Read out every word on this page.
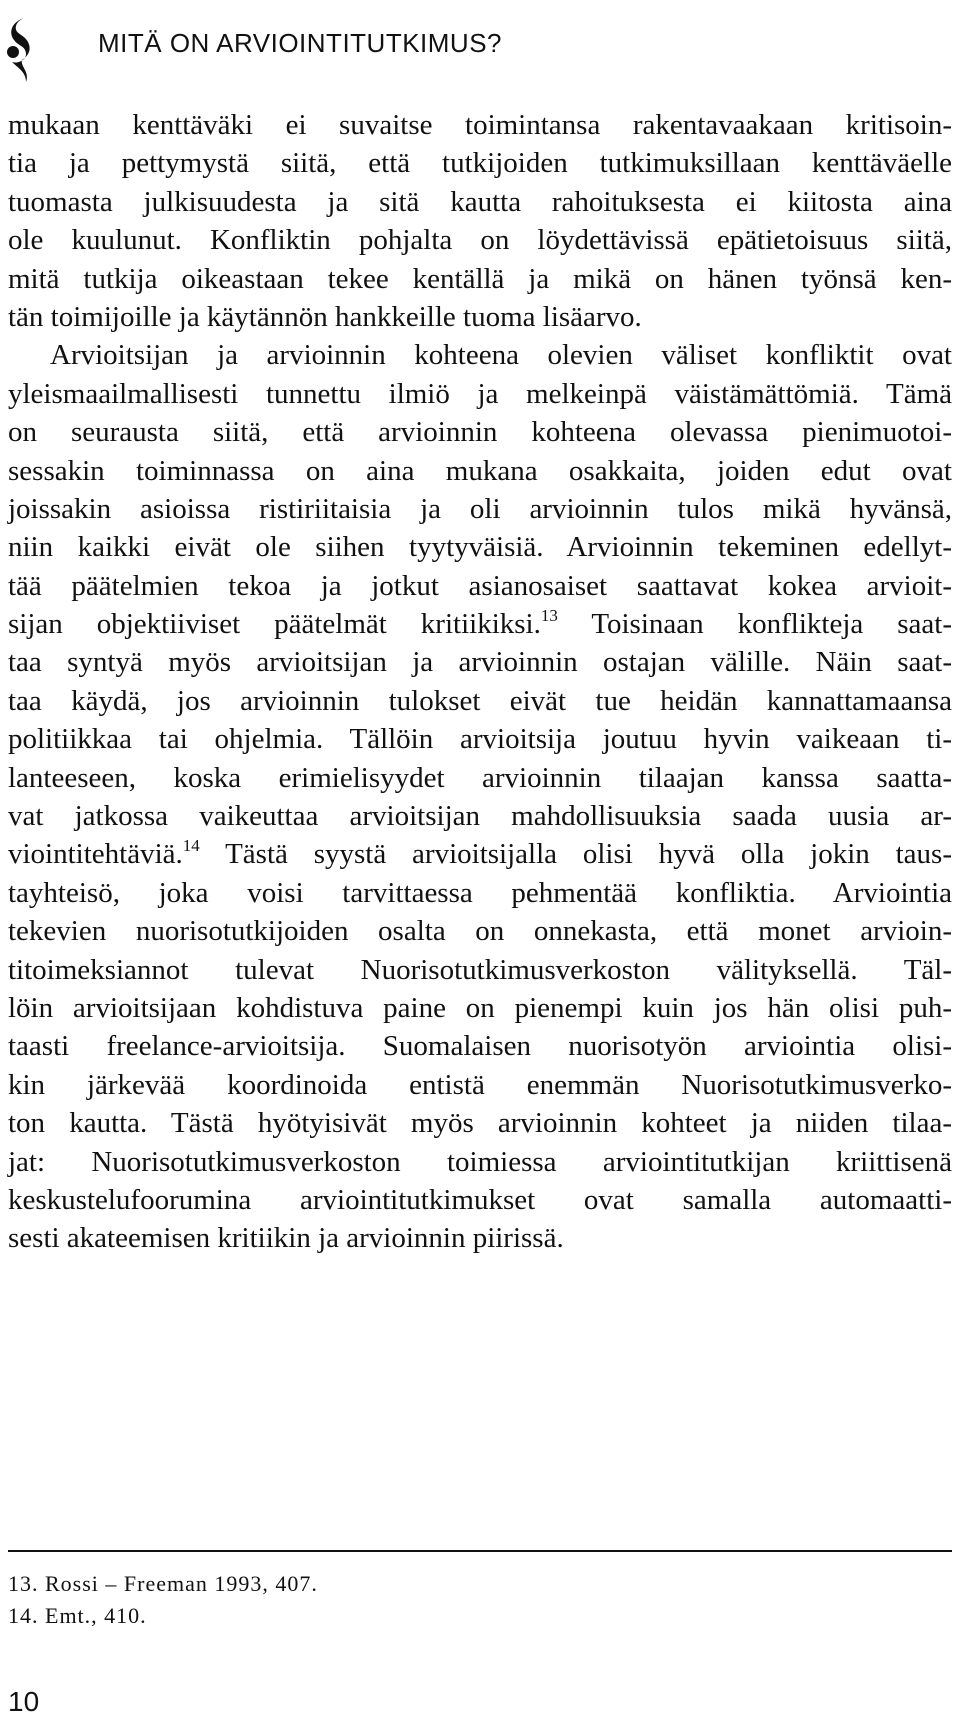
MITÄ ON ARVIOINTITUTKIMUS?
mukaan kenttäväki ei suvaitse toimintansa rakentavaakaan kritisoin-
tia ja pettymystä siitä, että tutkijoiden tutkimuksillaan kenttäväelle
tuomasta julkisuudesta ja sitä kautta rahoituksesta ei kiitosta aina
ole kuulunut. Konfliktin pohjalta on löydettävissä epätietoisuus siitä,
mitä tutkija oikeastaan tekee kentällä ja mikä on hänen työnsä ken-
tän toimijoille ja käytännön hankkeille tuoma lisäarvo.
Arvioitsijan ja arvioinnin kohteena olevien väliset konfliktit ovat
yleismaailmallisesti tunnettu ilmiö ja melkeinpä väistämättömiä. Tämä
on seurausta siitä, että arvioinnin kohteena olevassa pienimuotoi-
sessakin toiminnassa on aina mukana osakkaita, joiden edut ovat
joissakin asioissa ristiriitaisia ja oli arvioinnin tulos mikä hyvänsä,
niin kaikki eivät ole siihen tyytyväisiä. Arvioinnin tekeminen edellyt-
tää päätelmien tekoa ja jotkut asianosaiset saattavat kokea arvioit-
sijan objektiiviset päätelmät kritiikiksi.$^{13}$ Toisinaan konflikteja saat-
taa syntyä myös arvioitsijan ja arvioinnin ostajan välille. Näin saat-
taa käydä, jos arvioinnin tulokset eivät tue heidän kannattamaansa
politiikkaa tai ohjelmia. Tällöin arvioitsija joutuu hyvin vaikeaan ti-
lanteeseen, koska erimielisyydet arvioinnin tilaajan kanssa saatta-
vat jatkossa vaikeuttaa arvioitsijan mahdollisuuksia saada uusia ar-
viointitehtäviä.$^{14}$ Tästä syystä arvioitsijalla olisi hyvä olla jokin taus-
tayhteisö, joka voisi tarvittaessa pehmentää konfliktia. Arviointia
tekevien nuorisotutkijoiden osalta on onnekasta, että monet arvioin-
titoimeksiannot tulevat Nuorisotutkimusverkoston välityksellä. Täl-
löin arvioitsijaan kohdistuva paine on pienempi kuin jos hän olisi puh-
taasti freelance-arvioitsija. Suomalaisen nuorisotyön arviointia olisi-
kin järkevää koordinoida entistä enemmän Nuorisotutkimusverko-
ton kautta. Tästä hyötyisivät myös arvioinnin kohteet ja niiden tilaa-
jat: Nuorisotutkimusverkoston toimiessa arviointitutkijan kriittisenä
keskustelufoorumina arviointitutkimukset ovat samalla automaatti-
sesti akateemisen kritiikin ja arvioinnin piirissä.
13. Rossi – Freeman 1993, 407.
14. Emt., 410.
10
